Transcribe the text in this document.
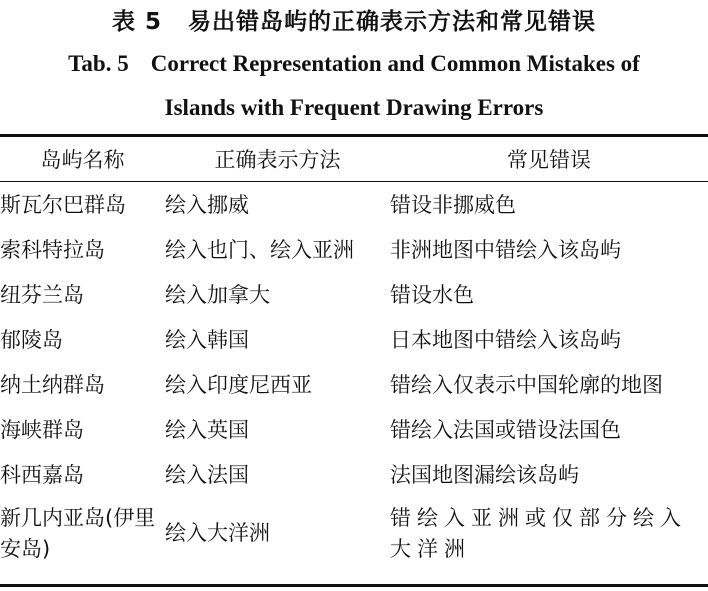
表 5 易出错岛屿的正确表示方法和常见错误
Tab. 5 Correct Representation and Common Mistakes of
Islands with Frequent Drawing Errors
岛屿名称	正确表示方法	常见错误
斯瓦尔巴群岛	绘入挪威	错设非挪威色
索科特拉岛	绘入也门、绘入亚洲	非洲地图中错绘入该岛屿
纽芬兰岛	绘入加拿大	错设水色
郁陵岛	绘入韩国	日本地图中错绘入该岛屿
纳土纳群岛	绘入印度尼西亚	错绘入仅表示中国轮廓的地图
海峡群岛	绘入英国	错绘入法国或错设法国色
科西嘉岛	绘入法国	法国地图漏绘该岛屿
新几内亚岛(伊里安岛)	绘入大洋洲	错绘入亚洲或仅部分绘入大洋洲
